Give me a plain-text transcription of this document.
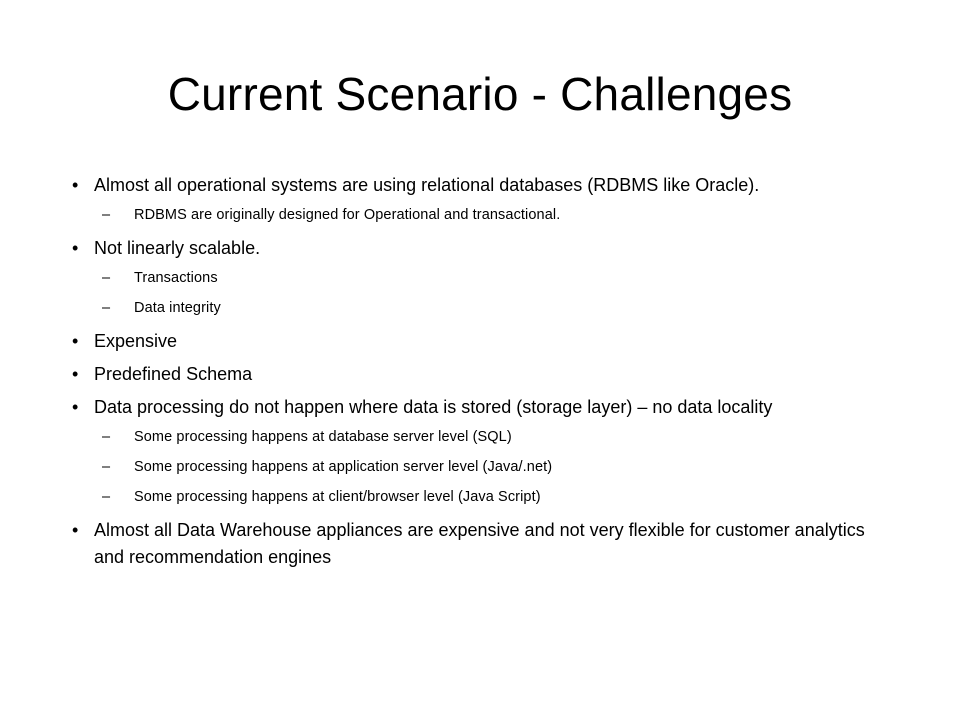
Current Scenario - Challenges
• Almost all operational systems are using relational databases (RDBMS like Oracle).
– RDBMS are originally designed for Operational and transactional.
• Not linearly scalable.
– Transactions
– Data integrity
• Expensive
• Predefined Schema
• Data processing do not happen where data is stored (storage layer) – no data locality
– Some processing happens at database server level (SQL)
– Some processing happens at application server level (Java/.net)
– Some processing happens at client/browser level (Java Script)
• Almost all Data Warehouse appliances are expensive and not very flexible for customer analytics and recommendation engines
